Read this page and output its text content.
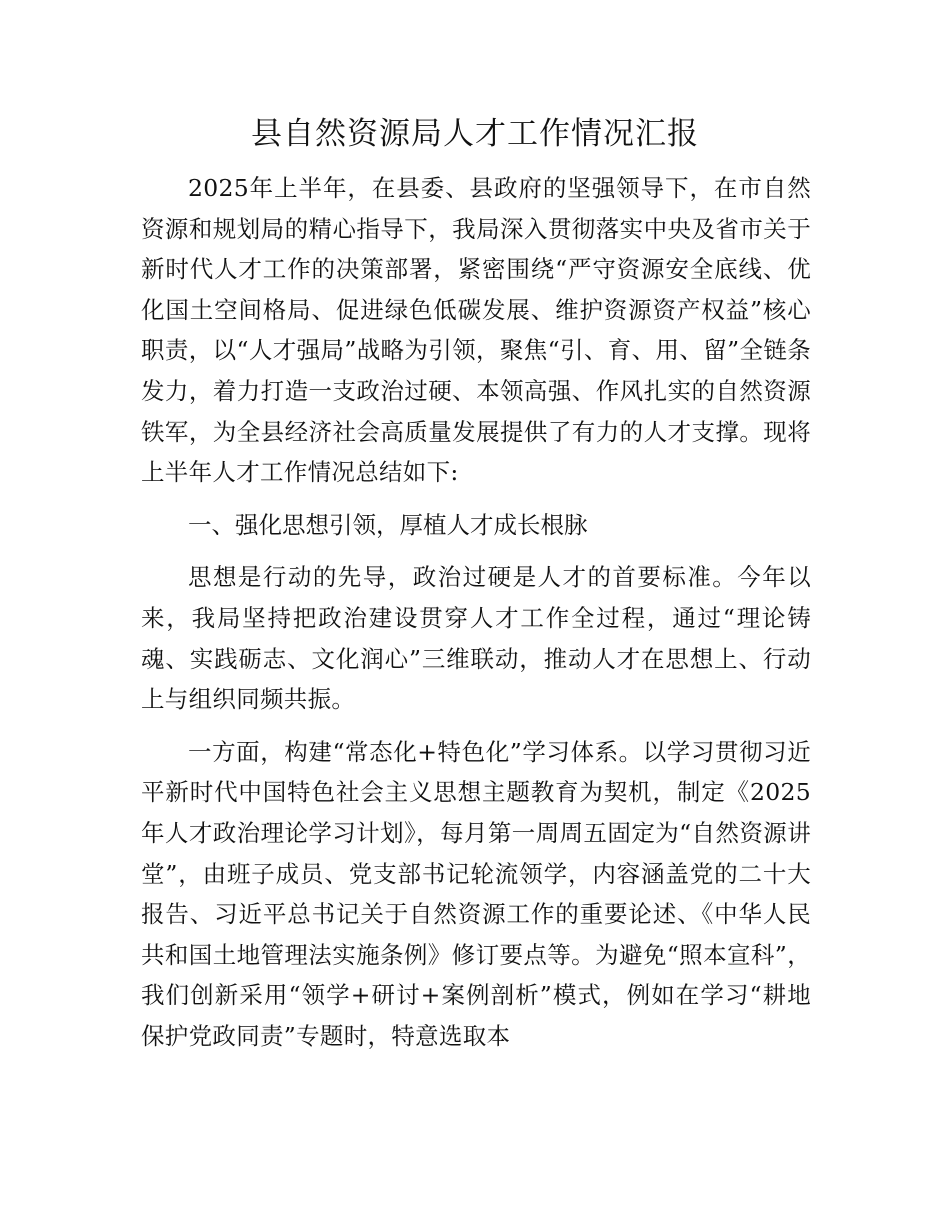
县自然资源局人才工作情况汇报

2025年上半年，在县委、县政府的坚强领导下，在市自然资源和规划局的精心指导下，我局深入贯彻落实中央及省市关于新时代人才工作的决策部署，紧密围绕“严守资源安全底线、优化国土空间格局、促进绿色低碳发展、维护资源资产权益”核心职责，以“人才强局”战略为引领，聚焦“引、育、用、留”全链条发力，着力打造一支政治过硬、本领高强、作风扎实的自然资源铁军，为全县经济社会高质量发展提供了有力的人才支撑。现将上半年人才工作情况总结如下:

一、强化思想引领，厚植人才成长根脉

思想是行动的先导，政治过硬是人才的首要标准。今年以来，我局坚持把政治建设贯穿人才工作全过程，通过“理论铸魂、实践砺志、文化润心”三维联动，推动人才在思想上、行动上与组织同频共振。

一方面，构建“常态化+特色化”学习体系。以学习贯彻习近平新时代中国特色社会主义思想主题教育为契机，制定《2025年人才政治理论学习计划》，每月第一周周五固定为“自然资源讲堂”，由班子成员、党支部书记轮流领学，内容涵盖党的二十大报告、习近平总书记关于自然资源工作的重要论述、《中华人民共和国土地管理法实施条例》修订要点等。为避免“照本宣科”，我们创新采用“领学+研讨+案例剖析”模式，例如在学习“耕地保护党政同责”专题时，特意选取本
